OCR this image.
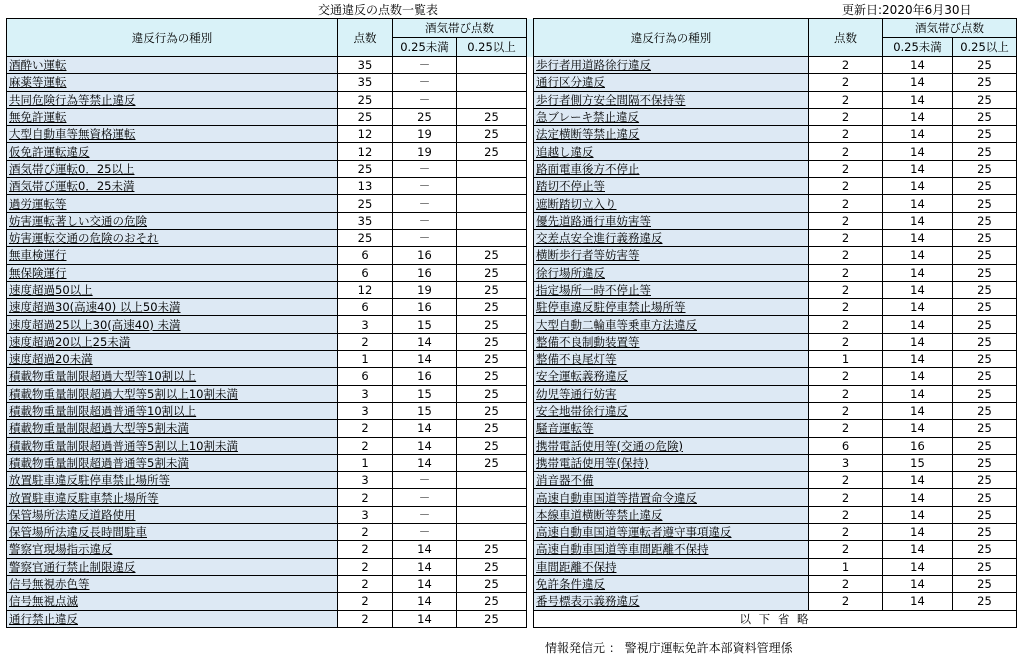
交通違反の点数一覧表	更新日:2020年6月30日
違反行為の種別	点数	酒気帯び点数			違反行為の種別	点数	酒気帯び点数	
		0.25未満	0.25以上				0.25未満	0.25以上
酒酔い運転	35	－			歩行者用道路徐行違反	2	14	25
麻薬等運転	35	－			通行区分違反	2	14	25
共同危険行為等禁止違反	25	－			歩行者側方安全間隔不保持等	2	14	25
無免許運転	25	25	25		急ブレーキ禁止違反	2	14	25
大型自動車等無資格運転	12	19	25		法定横断等禁止違反	2	14	25
仮免許運転違反	12	19	25		追越し違反	2	14	25
酒気帯び運転0．25以上	25	－			路面電車後方不停止	2	14	25
酒気帯び運転0．25未満	13	－			踏切不停止等	2	14	25
過労運転等	25	－			遮断踏切立入り	2	14	25
妨害運転著しい交通の危険	35	－			優先道路通行車妨害等	2	14	25
妨害運転交通の危険のおそれ	25	－			交差点安全進行義務違反	2	14	25
無車検運行	6	16	25		横断歩行者等妨害等	2	14	25
無保険運行	6	16	25		徐行場所違反	2	14	25
速度超過50以上	12	19	25		指定場所一時不停止等	2	14	25
速度超過30(高速40) 以上50未満	6	16	25		駐停車違反駐停車禁止場所等	2	14	25
速度超過25以上30(高速40) 未満	3	15	25		大型自動二輪車等乗車方法違反	2	14	25
速度超過20以上25未満	2	14	25		整備不良制動装置等	2	14	25
速度超過20未満	1	14	25		整備不良尾灯等	1	14	25
積載物重量制限超過大型等10割以上	6	16	25		安全運転義務違反	2	14	25
積載物重量制限超過大型等5割以上10割未満	3	15	25		幼児等通行妨害	2	14	25
積載物重量制限超過普通等10割以上	3	15	25		安全地帯徐行違反	2	14	25
積載物重量制限超過大型等5割未満	2	14	25		騒音運転等	2	14	25
積載物重量制限超過普通等5割以上10割未満	2	14	25		携帯電話使用等(交通の危険)	6	16	25
積載物重量制限超過普通等5割未満	1	14	25		携帯電話使用等(保持)	3	15	25
放置駐車違反駐停車禁止場所等	3	－			消音器不備	2	14	25
放置駐車違反駐車禁止場所等	2	－			高速自動車国道等措置命令違反	2	14	25
保管場所法違反道路使用	3	－			本線車道横断等禁止違反	2	14	25
保管場所法違反長時間駐車	2	－			高速自動車国道等運転者遵守事項違反	2	14	25
警察官現場指示違反	2	14	25		高速自動車国道等車間距離不保持	2	14	25
警察官通行禁止制限違反	2	14	25		車間距離不保持	1	14	25
信号無視赤色等	2	14	25		免許条件違反	2	14	25
信号無視点滅	2	14	25		番号標表示義務違反	2	14	25
通行禁止違反	2	14	25		以 下 省 略			
情報発信元 ： 警視庁運転免許本部資料管理係
